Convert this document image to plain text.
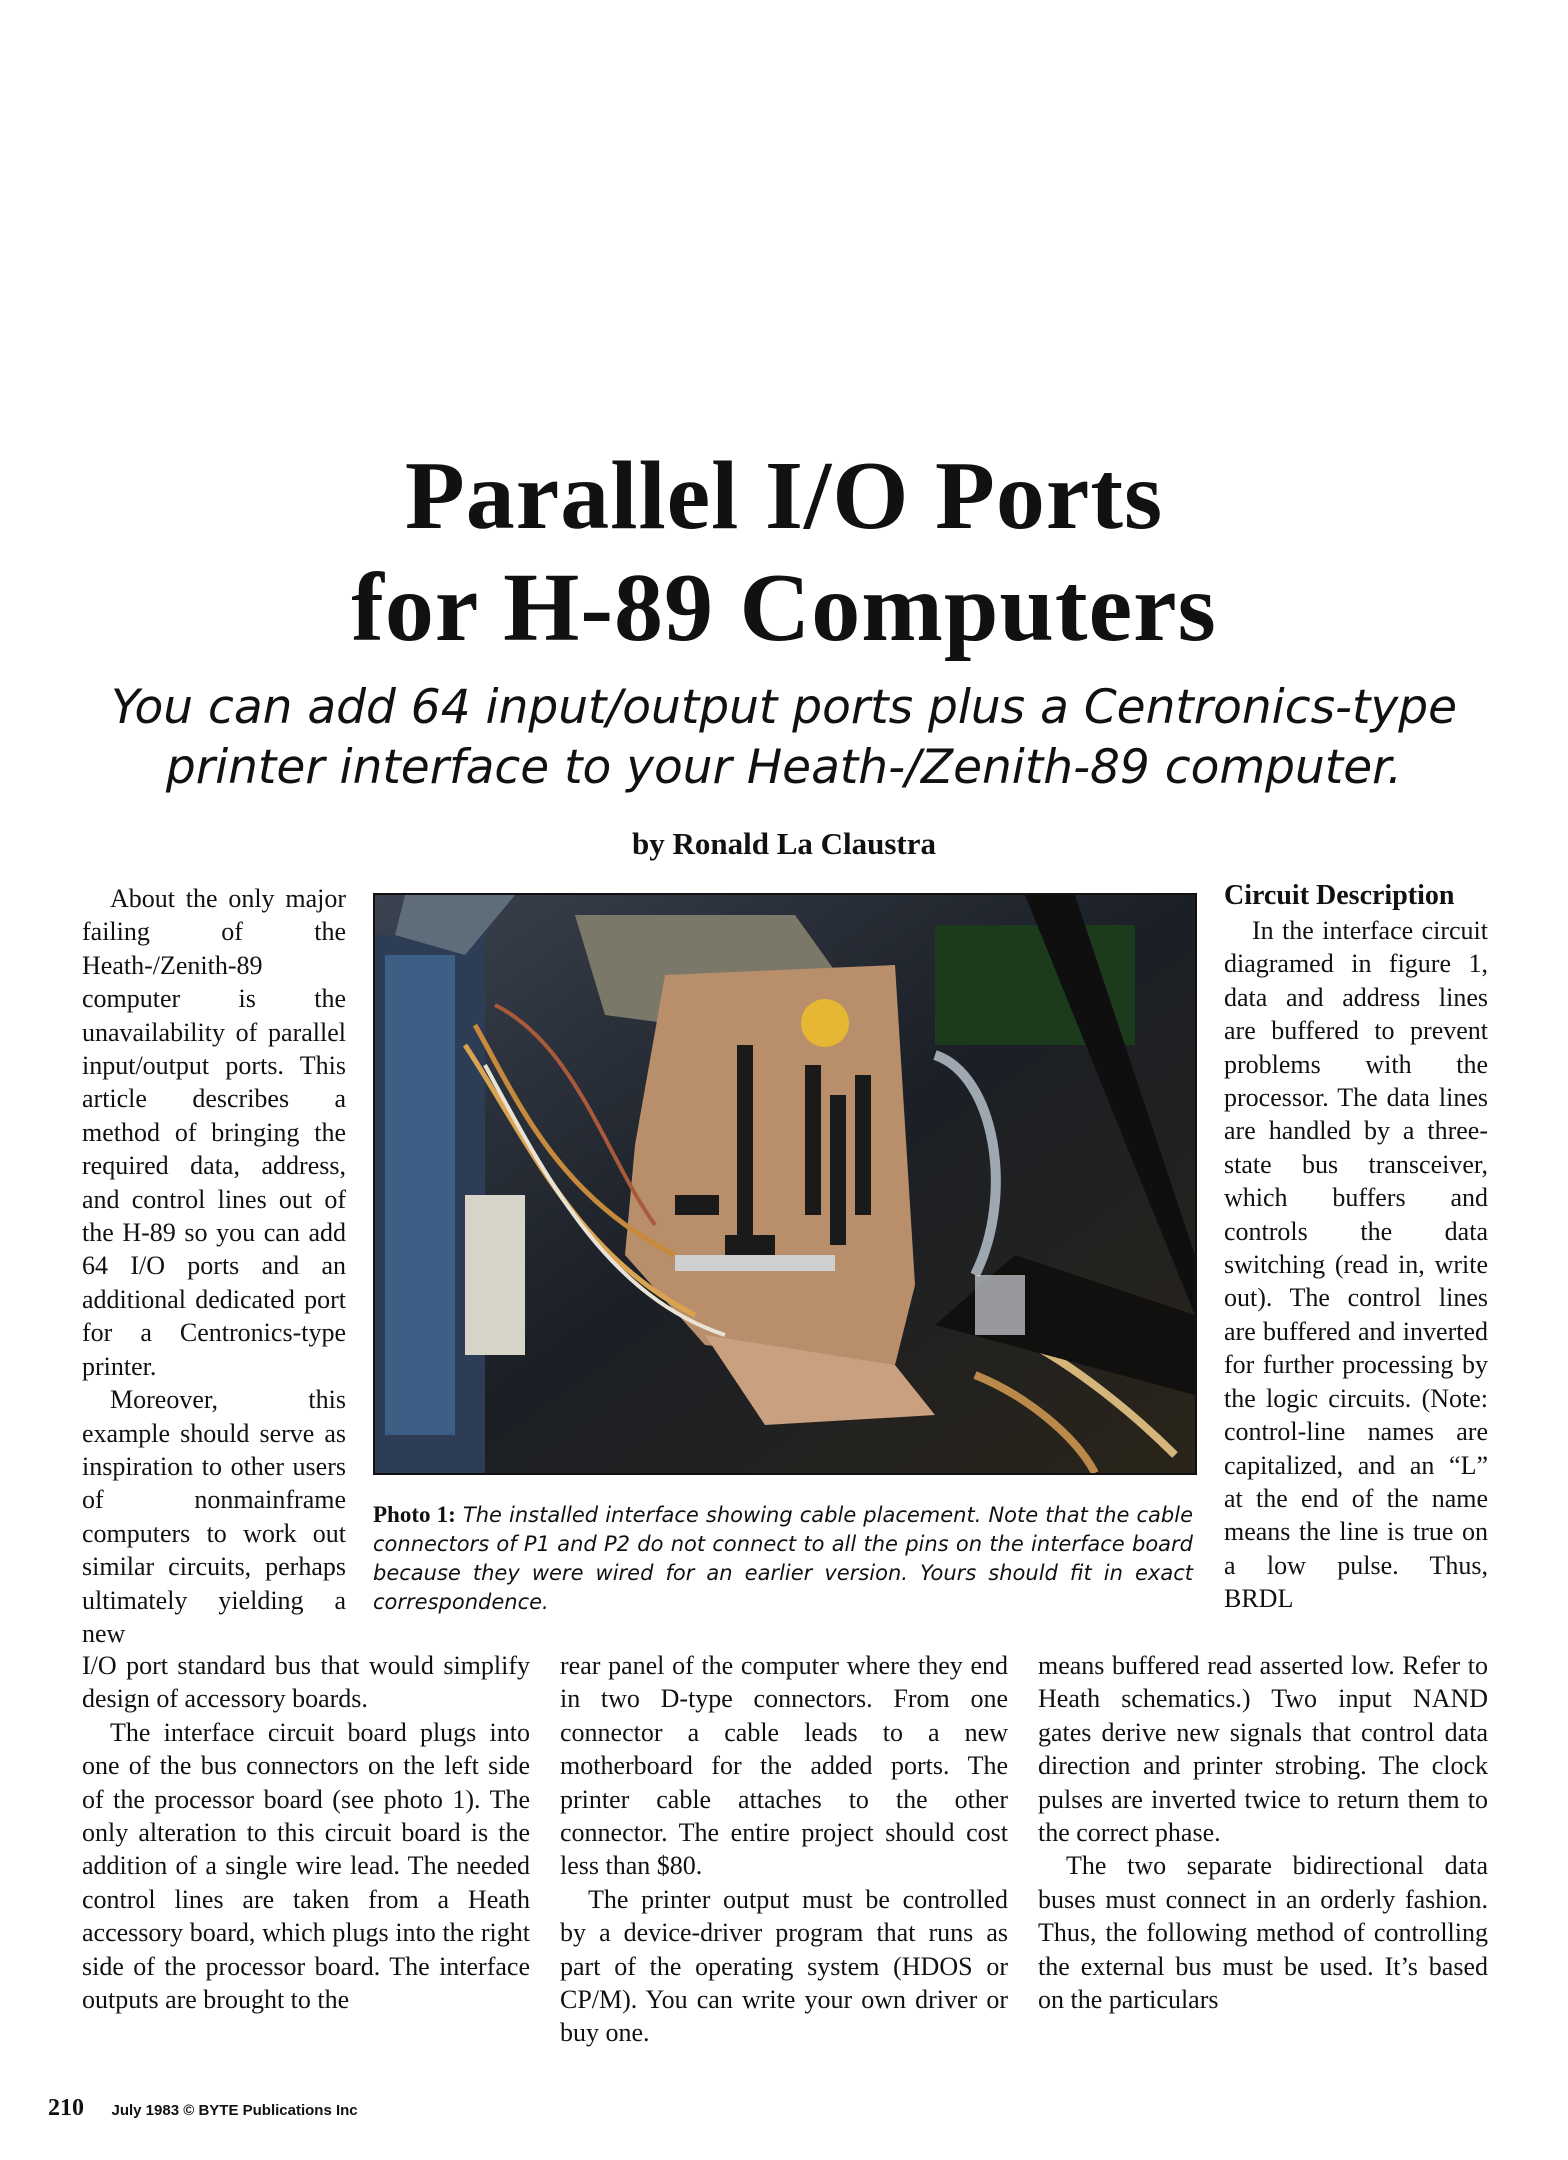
Parallel I/O Ports
for H-89 Computers
You can add 64 input/output ports plus a Centronics-type
printer interface to your Heath-/Zenith-89 computer.
by Ronald La Claustra

About the only major failing of the Heath-/Zenith-89 computer is the unavailability of parallel input/output ports. This article describes a method of bringing the required data, address, and control lines out of the H-89 so you can add 64 I/O ports and an additional dedicated port for a Centronics-type printer.

Moreover, this example should serve as inspiration to other users of nonmainframe computers to work out similar circuits, perhaps ultimately yielding a new

Photo 1: The installed interface showing cable placement. Note that the cable connectors of P1 and P2 do not connect to all the pins on the interface board because they were wired for an earlier version. Yours should fit in exact correspondence.

Circuit Description

In the interface circuit diagramed in figure 1, data and address lines are buffered to prevent problems with the processor. The data lines are handled by a three-state bus transceiver, which buffers and controls the data switching (read in, write out). The control lines are buffered and inverted for further processing by the logic circuits. (Note: control-line names are capitalized, and an “L” at the end of the name means the line is true on a low pulse. Thus, BRDL

I/O port standard bus that would simplify design of accessory boards.

The interface circuit board plugs into one of the bus connectors on the left side of the processor board (see photo 1). The only alteration to this circuit board is the addition of a single wire lead. The needed control lines are taken from a Heath accessory board, which plugs into the right side of the processor board. The interface outputs are brought to the

rear panel of the computer where they end in two D-type connectors. From one connector a cable leads to a new motherboard for the added ports. The printer cable attaches to the other connector. The entire project should cost less than $80.

The printer output must be controlled by a device-driver program that runs as part of the operating system (HDOS or CP/M). You can write your own driver or buy one.

means buffered read asserted low. Refer to Heath schematics.) Two input NAND gates derive new signals that control data direction and printer strobing. The clock pulses are inverted twice to return them to the correct phase.

The two separate bidirectional data buses must connect in an orderly fashion. Thus, the following method of controlling the external bus must be used. It’s based on the particulars

210 July 1983 © BYTE Publications Inc
